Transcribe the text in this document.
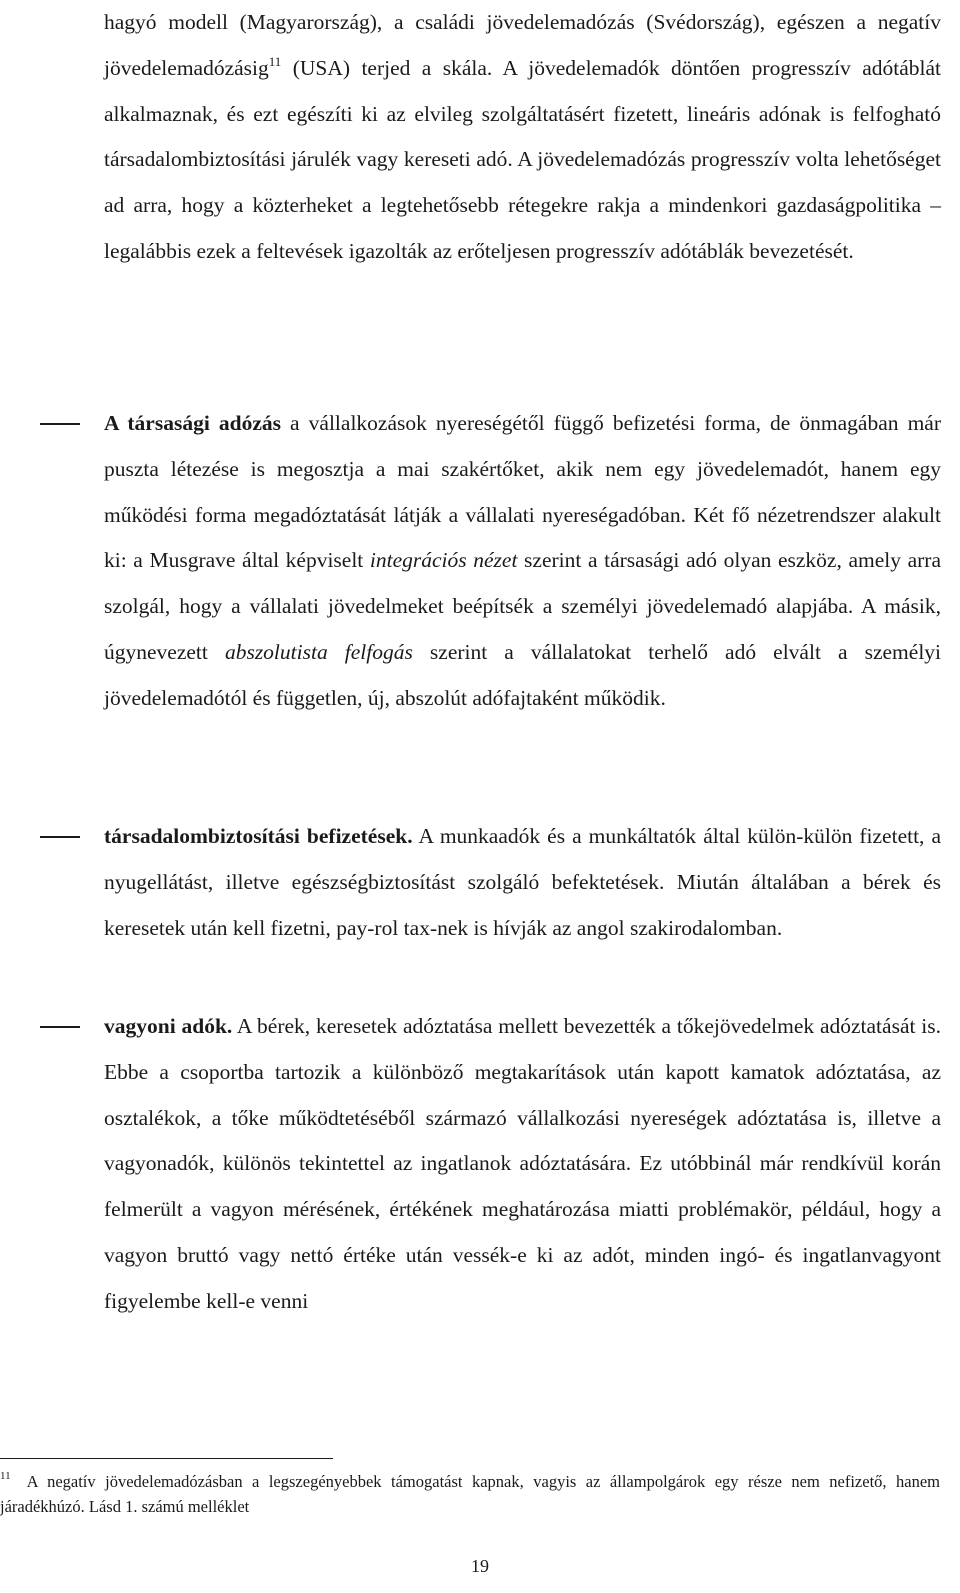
hagyó modell (Magyarország), a családi jövedelemadózás (Svédország), egészen a negatív jövedelemadózásig$^{11}$ (USA) terjed a skála. A jövedelemadók döntően progresszív adótáblát alkalmaznak, és ezt egészíti ki az elvileg szolgáltatásért fizetett, lineáris adónak is felfogható társadalombiztosítási járulék vagy kereseti adó. A jövedelemadózás progresszív volta lehetőséget ad arra, hogy a közterheket a legtehetősebb rétegekre rakja a mindenkori gazdaságpolitika – legalábbis ezek a feltevések igazolták az erőteljesen progresszív adótáblák bevezetését.

A társasági adózás a vállalkozások nyereségétől függő befizetési forma, de önmagában már puszta létezése is megosztja a mai szakértőket, akik nem egy jövedelemadót, hanem egy működési forma megadóztatását látják a vállalati nyereségadóban. Két fő nézetrendszer alakult ki: a Musgrave által képviselt integrációs nézet szerint a társasági adó olyan eszköz, amely arra szolgál, hogy a vállalati jövedelmeket beépítsék a személyi jövedelemadó alapjába. A másik, úgynevezett abszolutista felfogás szerint a vállalatokat terhelő adó elvált a személyi jövedelemadótól és független, új, abszolút adófajtaként működik.

társadalombiztosítási befizetések. A munkaadók és a munkáltatók által külön-külön fizetett, a nyugellátást, illetve egészségbiztosítást szolgáló befektetések. Miután általában a bérek és keresetek után kell fizetni, pay-rol tax-nek is hívják az angol szakirodalomban.

vagyoni adók. A bérek, keresetek adóztatása mellett bevezették a tőkejövedelmek adóztatását is. Ebbe a csoportba tartozik a különböző megtakarítások után kapott kamatok adóztatása, az osztalékok, a tőke működtetéséből származó vállalkozási nyereségek adóztatása is, illetve a vagyonadók, különös tekintettel az ingatlanok adóztatására. Ez utóbbinál már rendkívül korán felmerült a vagyon mérésének, értékének meghatározása miatti problémakör, például, hogy a vagyon bruttó vagy nettó értéke után vessék-e ki az adót, minden ingó- és ingatlanvagyont figyelembe kell-e venni

$^{11}$ A negatív jövedelemadózásban a legszegényebbek támogatást kapnak, vagyis az állampolgárok egy része nem nefizető, hanem járadékhúzó. Lásd 1. számú melléklet

19
